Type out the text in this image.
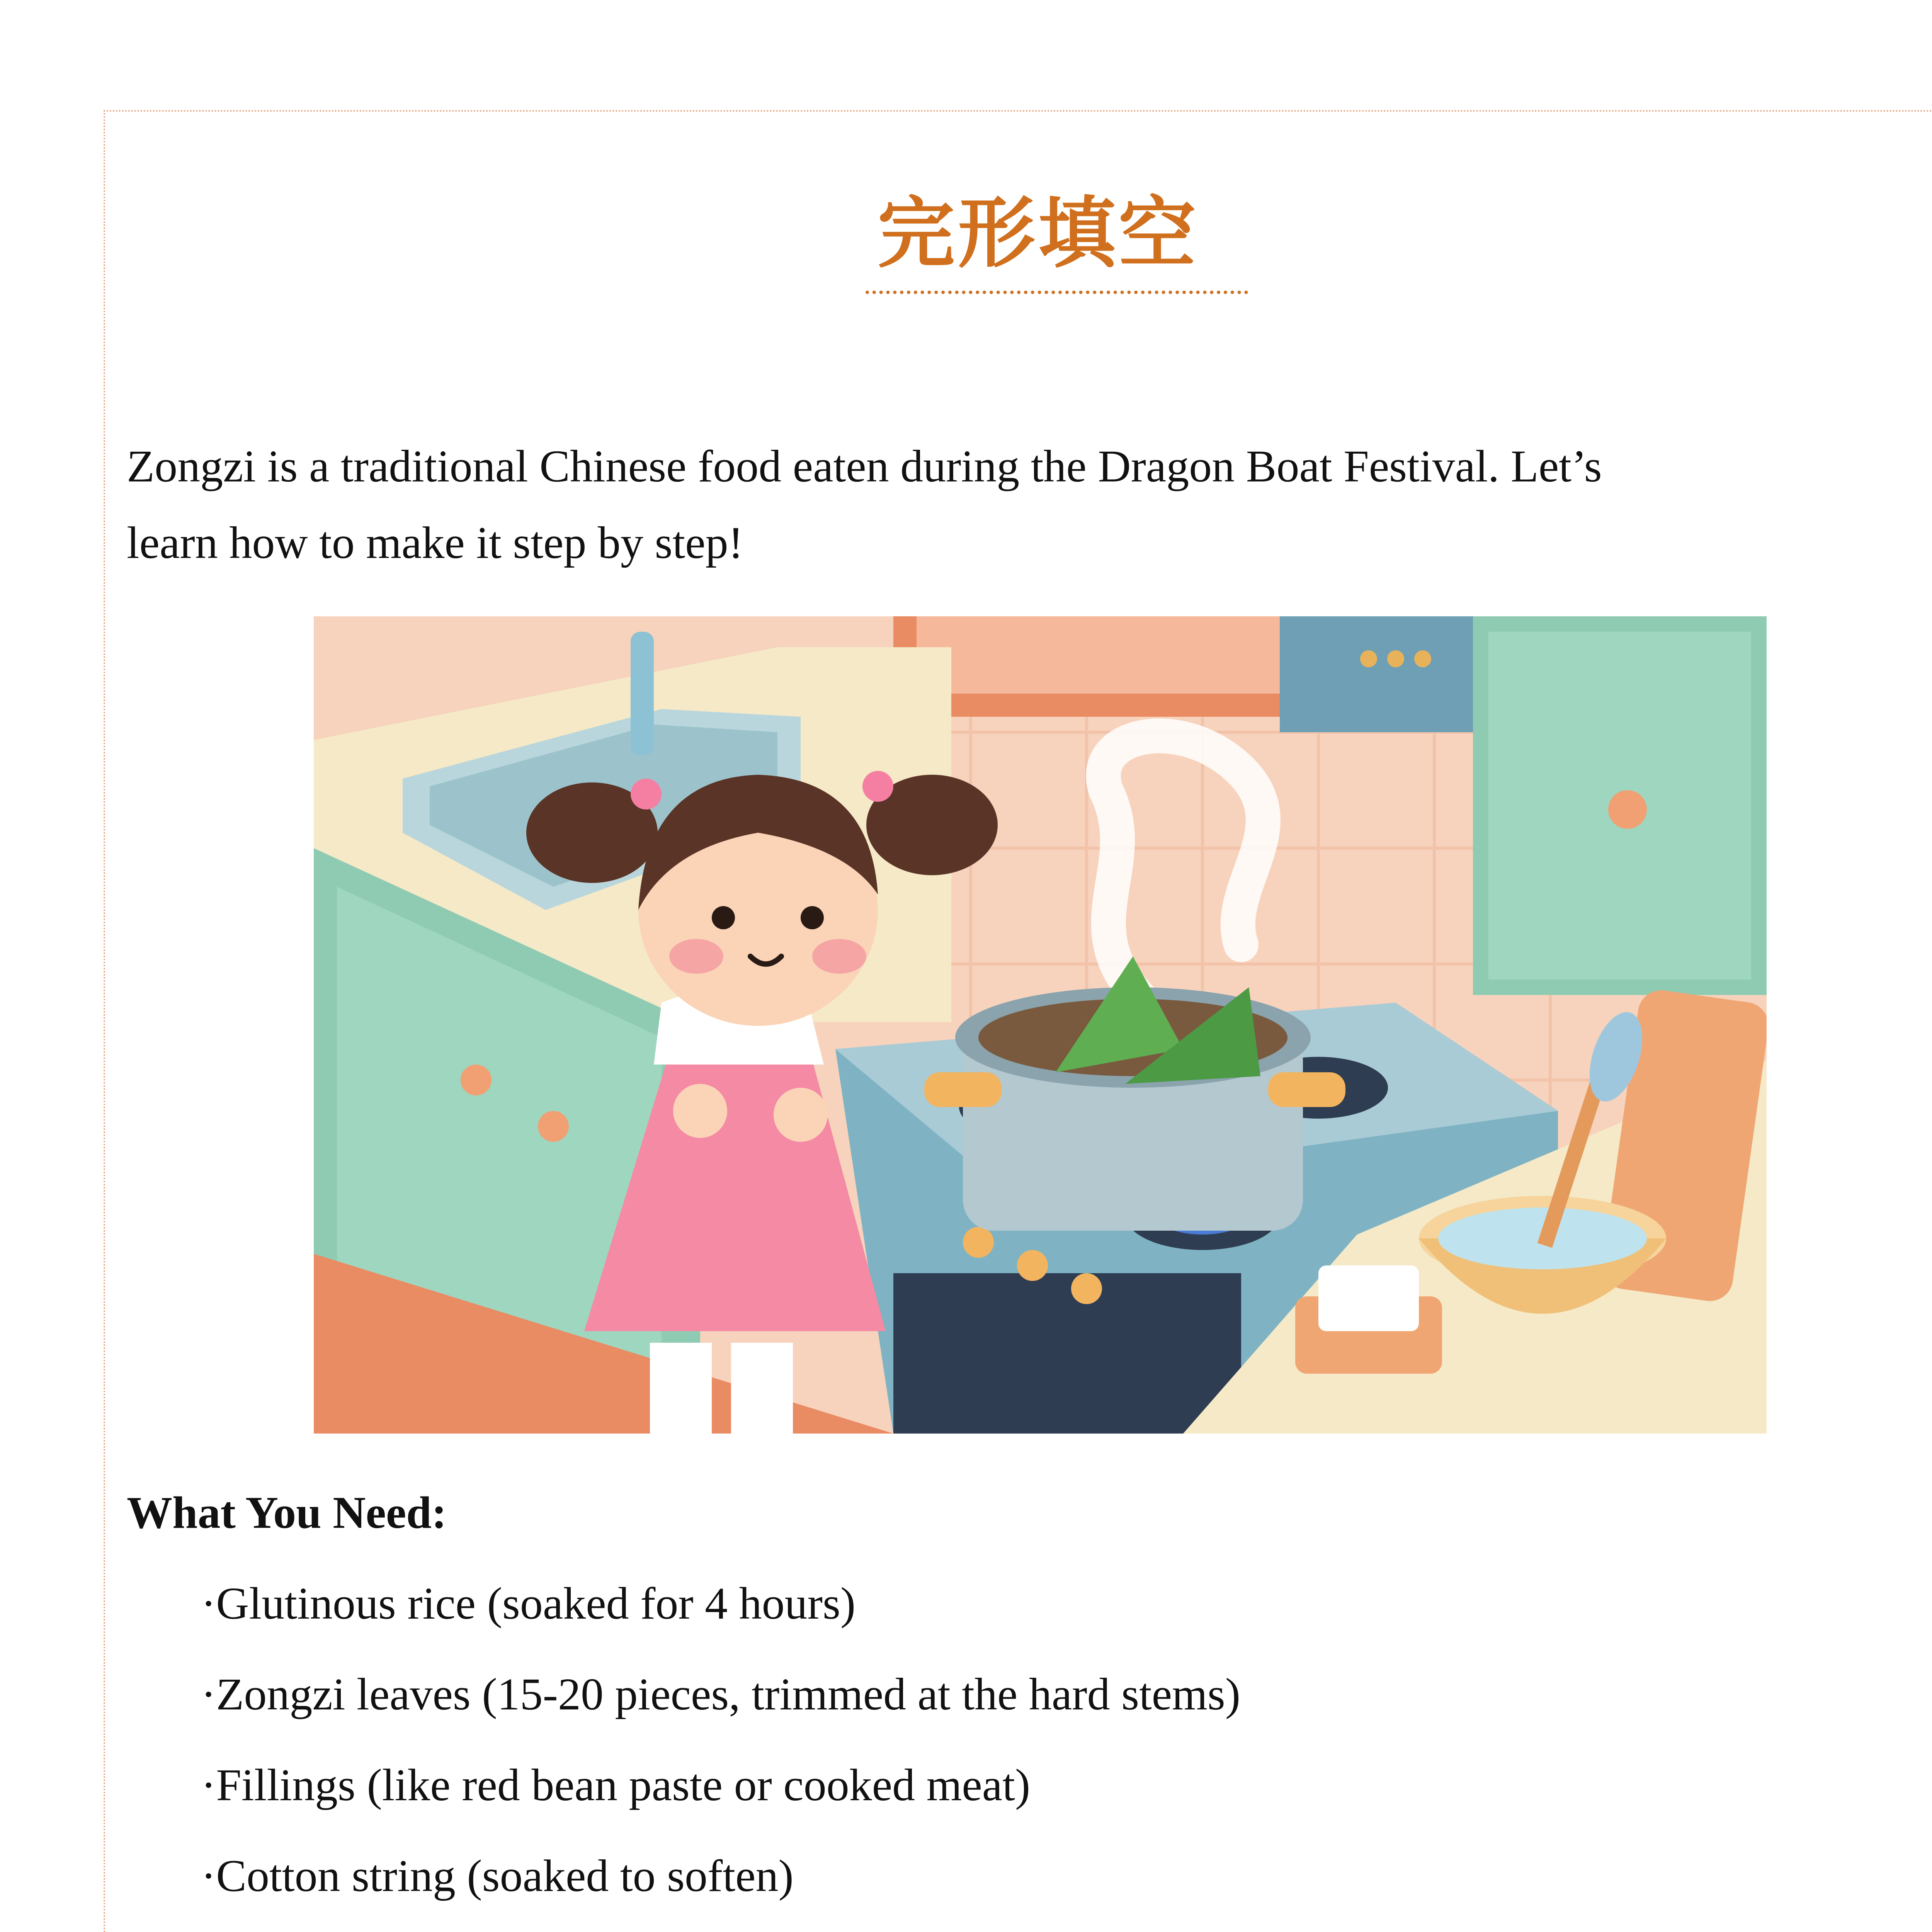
完形填空

Zongzi is a traditional Chinese food eaten during the Dragon Boat Festival. Let’s

learn how to make it step by step!

What You Need:

·Glutinous rice (soaked for 4 hours)

·Zongzi leaves (15-20 pieces, trimmed at the hard stems)

·Fillings (like red bean paste or cooked meat)

·Cotton string (soaked to soften)
